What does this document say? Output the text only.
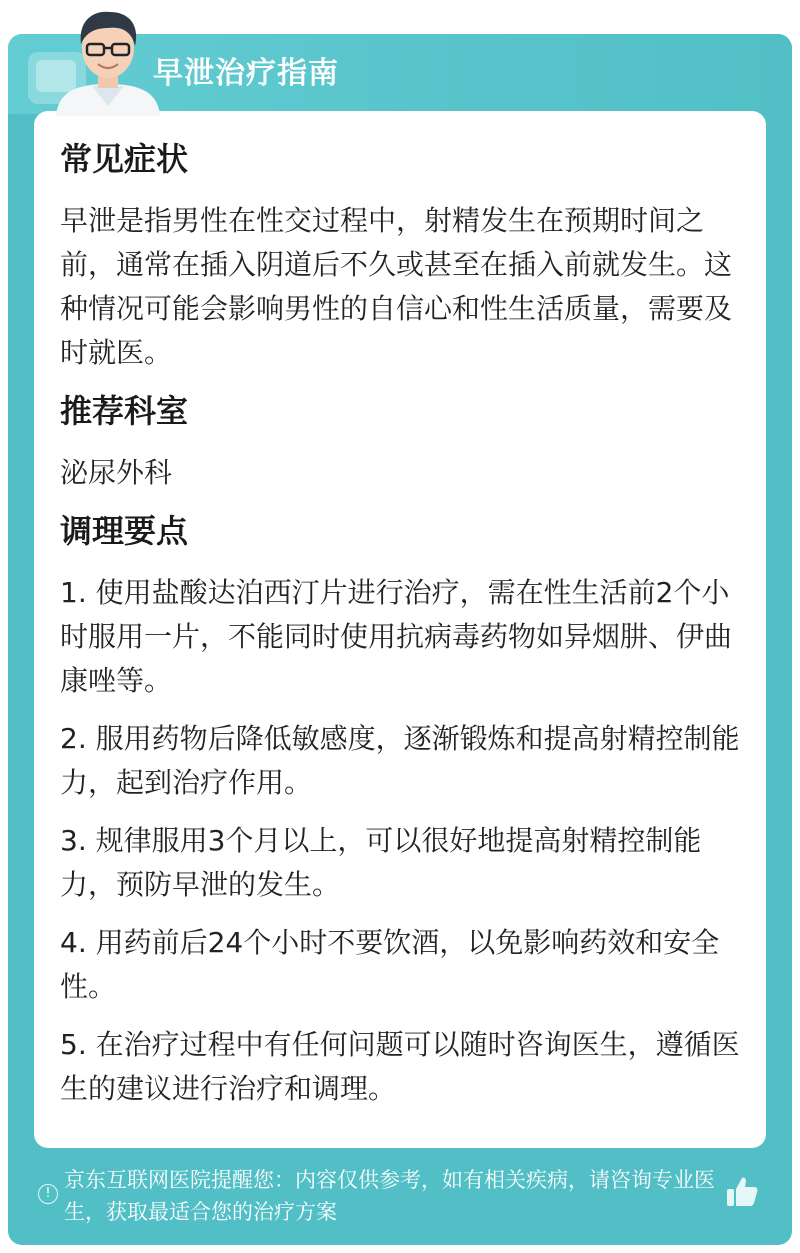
早泄治疗指南
常见症状

早泄是指男性在性交过程中，射精发生在预期时间之前，通常在插入阴道后不久或甚至在插入前就发生。这种情况可能会影响男性的自信心和性生活质量，需要及时就医。

推荐科室

泌尿外科

调理要点
1. 使用盐酸达泊西汀片进行治疗，需在性生活前2个小时服用一片，不能同时使用抗病毒药物如异烟肼、伊曲康唑等。
2. 服用药物后降低敏感度，逐渐锻炼和提高射精控制能力，起到治疗作用。
3. 规律服用3个月以上，可以很好地提高射精控制能力，预防早泄的发生。
4. 用药前后24个小时不要饮酒，以免影响药效和安全性。
5. 在治疗过程中有任何问题可以随时咨询医生，遵循医生的建议进行治疗和调理。
!
京东互联网医院提醒您：内容仅供参考，如有相关疾病，请咨询专业医生，获取最适合您的治疗方案
